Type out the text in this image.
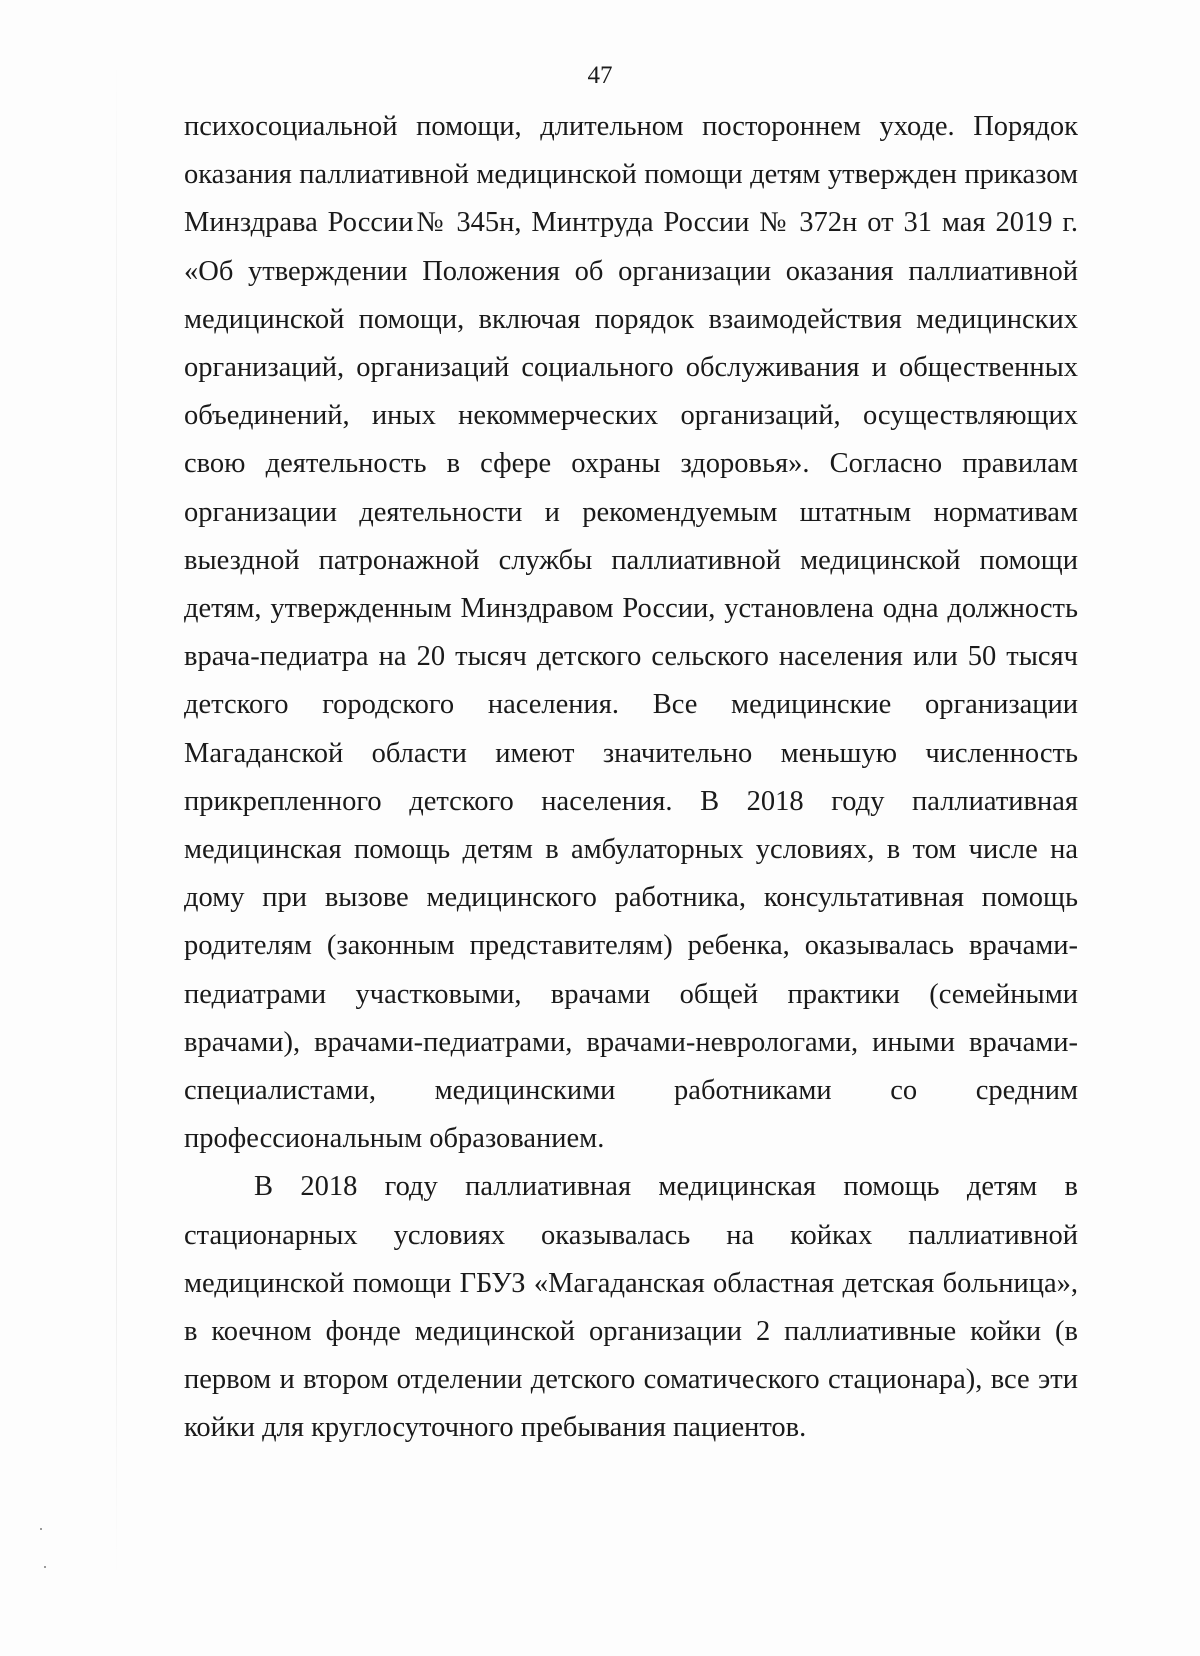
47

психосоциальной помощи, длительном постороннем уходе. Порядок оказания паллиативной медицинской помощи детям утвержден приказом Минздрава России№ 345н, Минтруда России № 372н от 31 мая 2019 г. «Об утверждении Положения об организации оказания паллиативной медицинской помощи, включая порядок взаимодействия медицинских организаций, организаций социального обслуживания и общественных объединений, иных некоммерческих организаций, осуществляющих свою деятельность в сфере охраны здоровья». Согласно правилам организации деятельности и рекомендуемым штатным нормативам выездной патронажной службы паллиативной медицинской помощи детям, утвержденным Минздравом России, установлена одна должность врача-педиатра на 20 тысяч детского сельского населения или 50 тысяч детского городского населения. Все медицинские организации Магаданской области имеют значительно меньшую численность прикрепленного детского населения. В 2018 году паллиативная медицинская помощь детям в амбулаторных условиях, в том числе на дому при вызове медицинского работника, консультативная помощь родителям (законным представителям) ребенка, оказывалась врачами-педиатрами участковыми, врачами общей практики (семейными врачами), врачами-педиатрами, врачами-неврологами, иными врачами-специалистами, медицинскими работниками со средним профессиональным образованием.

В 2018 году паллиативная медицинская помощь детям в стационарных условиях оказывалась на койках паллиативной медицинской помощи ГБУЗ «Магаданская областная детская больница», в коечном фонде медицинской организации 2 паллиативные койки (в первом и втором отделении детского соматического стационара), все эти койки для круглосуточного пребывания пациентов.
